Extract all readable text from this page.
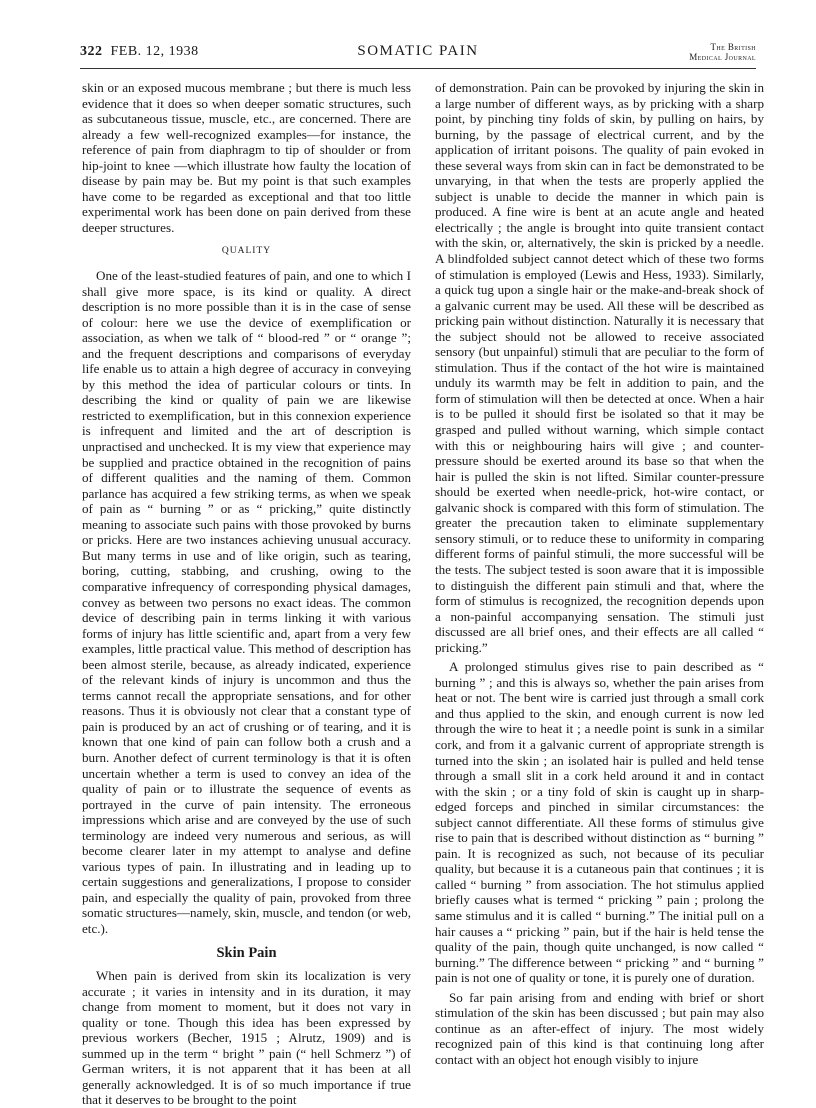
322 FEB. 12, 1938	SOMATIC PAIN	The British
Medical Journal

skin or an exposed mucous membrane ; but there is much less evidence that it does so when deeper somatic structures, such as subcutaneous tissue, muscle, etc., are concerned. There are already a few well-recognized examples—for instance, the reference of pain from diaphragm to tip of shoulder or from hip-joint to knee —which illustrate how faulty the location of disease by pain may be. But my point is that such examples have come to be regarded as exceptional and that too little experimental work has been done on pain derived from these deeper structures.

QUALITY

One of the least-studied features of pain, and one to which I shall give more space, is its kind or quality. A direct description is no more possible than it is in the case of sense of colour: here we use the device of exemplification or association, as when we talk of “ blood-red ” or “ orange ”; and the frequent descriptions and comparisons of everyday life enable us to attain a high degree of accuracy in conveying by this method the idea of particular colours or tints. In describing the kind or quality of pain we are likewise restricted to exemplification, but in this connexion experience is infrequent and limited and the art of description is unpractised and unchecked. It is my view that experience may be supplied and practice obtained in the recognition of pains of different qualities and the naming of them. Common parlance has acquired a few striking terms, as when we speak of pain as “ burning ” or as “ pricking,” quite distinctly meaning to associate such pains with those provoked by burns or pricks. Here are two instances achieving unusual accuracy. But many terms in use and of like origin, such as tearing, boring, cutting, stabbing, and crushing, owing to the comparative infrequency of corresponding physical damages, convey as between two persons no exact ideas. The common device of describing pain in terms linking it with various forms of injury has little scientific and, apart from a very few examples, little practical value. This method of description has been almost sterile, because, as already indicated, experience of the relevant kinds of injury is uncommon and thus the terms cannot recall the appropriate sensations, and for other reasons. Thus it is obviously not clear that a constant type of pain is produced by an act of crushing or of tearing, and it is known that one kind of pain can follow both a crush and a burn. Another defect of current terminology is that it is often uncertain whether a term is used to convey an idea of the quality of pain or to illustrate the sequence of events as portrayed in the curve of pain intensity. The erroneous impressions which arise and are conveyed by the use of such terminology are indeed very numerous and serious, as will become clearer later in my attempt to analyse and define various types of pain. In illustrating and in leading up to certain suggestions and generalizations, I propose to consider pain, and especially the quality of pain, provoked from three somatic structures—namely, skin, muscle, and tendon (or web, etc.).

Skin Pain

When pain is derived from skin its localization is very accurate ; it varies in intensity and in its duration, it may change from moment to moment, but it does not vary in quality or tone. Though this idea has been expressed by previous workers (Becher, 1915 ; Alrutz, 1909) and is summed up in the term “ bright ” pain (“ hell Schmerz ”) of German writers, it is not apparent that it has been at all generally acknowledged. It is of so much importance if true that it deserves to be brought to the point

of demonstration. Pain can be provoked by injuring the skin in a large number of different ways, as by pricking with a sharp point, by pinching tiny folds of skin, by pulling on hairs, by burning, by the passage of electrical current, and by the application of irritant poisons. The quality of pain evoked in these several ways from skin can in fact be demonstrated to be unvarying, in that when the tests are properly applied the subject is unable to decide the manner in which pain is produced. A fine wire is bent at an acute angle and heated electrically ; the angle is brought into quite transient contact with the skin, or, alternatively, the skin is pricked by a needle. A blindfolded subject cannot detect which of these two forms of stimulation is employed (Lewis and Hess, 1933). Similarly, a quick tug upon a single hair or the make-and-break shock of a galvanic current may be used. All these will be described as pricking pain without distinction. Naturally it is necessary that the subject should not be allowed to receive associated sensory (but unpainful) stimuli that are peculiar to the form of stimulation. Thus if the contact of the hot wire is maintained unduly its warmth may be felt in addition to pain, and the form of stimulation will then be detected at once. When a hair is to be pulled it should first be isolated so that it may be grasped and pulled without warning, which simple contact with this or neighbouring hairs will give ; and counter-pressure should be exerted around its base so that when the hair is pulled the skin is not lifted. Similar counter-pressure should be exerted when needle-prick, hot-wire contact, or galvanic shock is compared with this form of stimulation. The greater the precaution taken to eliminate supplementary sensory stimuli, or to reduce these to uniformity in comparing different forms of painful stimuli, the more successful will be the tests. The subject tested is soon aware that it is impossible to distinguish the different pain stimuli and that, where the form of stimulus is recognized, the recognition depends upon a non-painful accompanying sensation. The stimuli just discussed are all brief ones, and their effects are all called “ pricking.”

A prolonged stimulus gives rise to pain described as “ burning ” ; and this is always so, whether the pain arises from heat or not. The bent wire is carried just through a small cork and thus applied to the skin, and enough current is now led through the wire to heat it ; a needle point is sunk in a similar cork, and from it a galvanic current of appropriate strength is turned into the skin ; an isolated hair is pulled and held tense through a small slit in a cork held around it and in contact with the skin ; or a tiny fold of skin is caught up in sharp-edged forceps and pinched in similar circumstances: the subject cannot differentiate. All these forms of stimulus give rise to pain that is described without distinction as “ burning ” pain. It is recognized as such, not because of its peculiar quality, but because it is a cutaneous pain that continues ; it is called “ burning ” from association. The hot stimulus applied briefly causes what is termed “ pricking ” pain ; prolong the same stimulus and it is called “ burning.” The initial pull on a hair causes a “ pricking ” pain, but if the hair is held tense the quality of the pain, though quite unchanged, is now called “ burning.” The difference between “ pricking ” and “ burning ” pain is not one of quality or tone, it is purely one of duration.

So far pain arising from and ending with brief or short stimulation of the skin has been discussed ; but pain may also continue as an after-effect of injury. The most widely recognized pain of this kind is that continuing long after contact with an object hot enough visibly to injure
